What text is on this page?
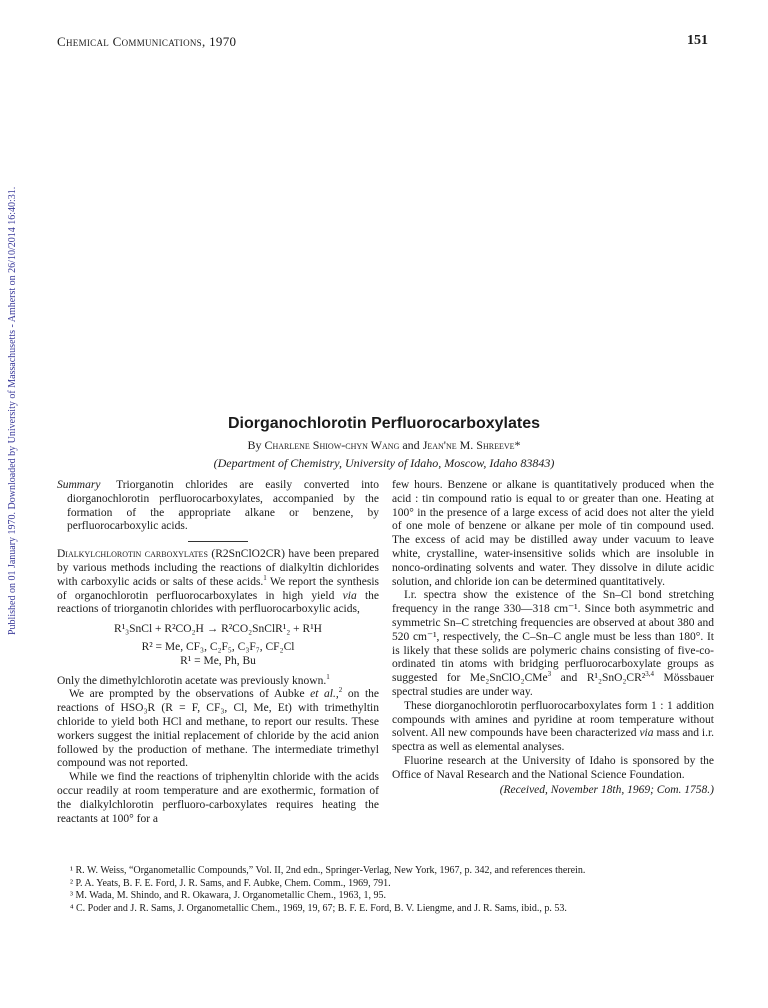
Chemical Communications, 1970	151
Published on 01 January 1970. Downloaded by University of Massachusetts - Amherst on 26/10/2014 16:40:31.	Diorganochlorotin Perfluorocarboxylates
By Charlene Shiow-chyn Wang and Jean'ne M. Shreeve*
(Department of Chemistry, University of Idaho, Moscow, Idaho 83843)

Summary Triorganotin chlorides are easily converted into diorganochlorotin perfluorocarboxylates, accompanied by the formation of the appropriate alkane or benzene, by perfluorocarboxylic acids.

Dialkylchlorotin carboxylates (R2SnClO2CR) have been prepared by various methods including the reactions of dialkyltin dichlorides with carboxylic acids or salts of these acids.$^1$ We report the synthesis of organochlorotin perfluorocarboxylates in high yield via the reactions of triorganotin chlorides with perfluorocarboxylic acids,

R¹₃SnCl + R²CO₂H → R²CO₂SnClR¹₂ + R¹H

R² = Me, CF₃, C₂F₅, C₃F₇, CF₂Cl

R¹ = Me, Ph, Bu

Only the dimethylchlorotin acetate was previously known.$^1$

We are prompted by the observations of Aubke et al.,$^2$ on the reactions of HSO₃R (R = F, CF₃, Cl, Me, Et) with trimethyltin chloride to yield both HCl and methane, to report our results. These workers suggest the initial replacement of chloride by the acid anion followed by the production of methane. The intermediate trimethyl compound was not reported.

While we find the reactions of triphenyltin chloride with the acids occur readily at room temperature and are exothermic, formation of the dialkylchlorotin perfluoro-carboxylates requires heating the reactants at 100° for a

few hours. Benzene or alkane is quantitatively produced when the acid : tin compound ratio is equal to or greater than one. Heating at 100° in the presence of a large excess of acid does not alter the yield of one mole of benzene or alkane per mole of tin compound used. The excess of acid may be distilled away under vacuum to leave white, crystalline, water-insensitive solids which are insoluble in nonco-ordinating solvents and water. They dissolve in dilute acidic solution, and chloride ion can be determined quantitatively.

I.r. spectra show the existence of the Sn–Cl bond stretching frequency in the range 330—318 cm⁻¹. Since both asymmetric and symmetric Sn–C stretching frequencies are observed at about 380 and 520 cm⁻¹, respectively, the C–Sn–C angle must be less than 180°. It is likely that these solids are polymeric chains consisting of five-co-ordinated tin atoms with bridging perfluorocarboxylate groups as suggested for Me₂SnClO₂CMe$^3$ and R¹₂SnO₂CR²$^{3,4}$ Mössbauer spectral studies are under way.

These diorganochlorotin perfluorocarboxylates form 1 : 1 addition compounds with amines and pyridine at room temperature without solvent. All new compounds have been characterized via mass and i.r. spectra as well as elemental analyses.

Fluorine research at the University of Idaho is sponsored by the Office of Naval Research and the National Science Foundation.

(Received, November 18th, 1969; Com. 1758.)

¹ R. W. Weiss, “Organometallic Compounds,” Vol. II, 2nd edn., Springer-Verlag, New York, 1967, p. 342, and references therein.
² P. A. Yeats, B. F. E. Ford, J. R. Sams, and F. Aubke, Chem. Comm., 1969, 791.
³ M. Wada, M. Shindo, and R. Okawara, J. Organometallic Chem., 1963, 1, 95.
⁴ C. Poder and J. R. Sams, J. Organometallic Chem., 1969, 19, 67; B. F. E. Ford, B. V. Liengme, and J. R. Sams, ibid., p. 53.
